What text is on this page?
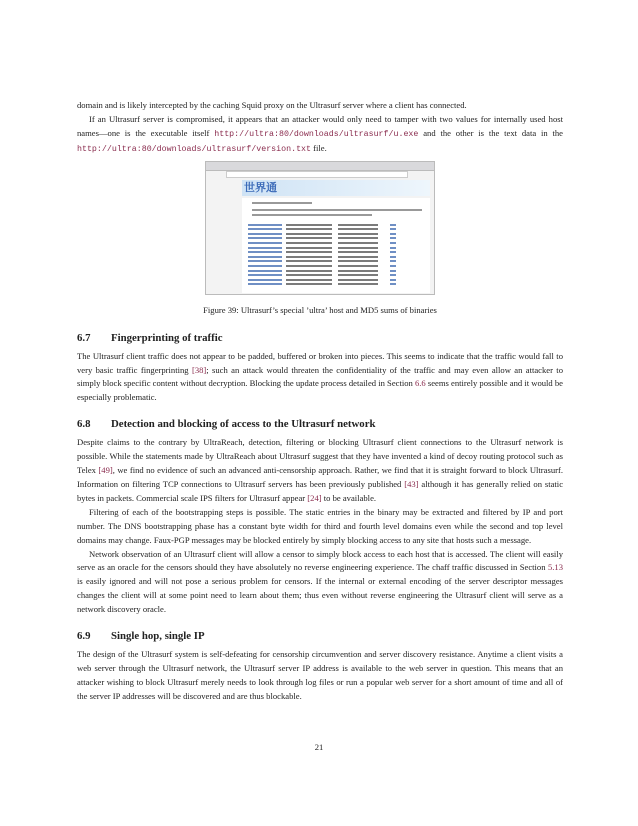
domain and is likely intercepted by the caching Squid proxy on the Ultrasurf server where a client has connected.

If an Ultrasurf server is compromised, it appears that an attacker would only need to tamper with two values for internally used host names—one is the executable itself http://ultra:80/downloads/ultrasurf/u.exe and the other is the text data in the http://ultra:80/downloads/ultrasurf/version.txt file.

世界通
Figure 39: Ultrasurf’s special ’ultra’ host and MD5 sums of binaries
6.7 Fingerprinting of traffic

The Ultrasurf client traffic does not appear to be padded, buffered or broken into pieces. This seems to indicate that the traffic would fall to very basic traffic fingerprinting [38]; such an attack would threaten the confidentiality of the traffic and may even allow an attacker to simply block specific content without decryption. Blocking the update process detailed in Section 6.6 seems entirely possible and it would be especially problematic.

6.8 Detection and blocking of access to the Ultrasurf network

Despite claims to the contrary by UltraReach, detection, filtering or blocking Ultrasurf client connections to the Ultrasurf network is possible. While the statements made by UltraReach about Ultrasurf suggest that they have invented a kind of decoy routing protocol such as Telex [49], we find no evidence of such an advanced anti-censorship approach. Rather, we find that it is straight forward to block Ultrasurf. Information on filtering TCP connections to Ultrasurf servers has been previously published [43] although it has generally relied on static bytes in packets. Commercial scale IPS filters for Ultrasurf appear [24] to be available.

Filtering of each of the bootstrapping steps is possible. The static entries in the binary may be extracted and filtered by IP and port number. The DNS bootstrapping phase has a constant byte width for third and fourth level domains even while the second and top level domains may change. Faux-PGP messages may be blocked entirely by simply blocking access to any site that hosts such a message.

Network observation of an Ultrasurf client will allow a censor to simply block access to each host that is accessed. The client will easily serve as an oracle for the censors should they have absolutely no reverse engineering experience. The chaff traffic discussed in Section 5.13 is easily ignored and will not pose a serious problem for censors. If the internal or external encoding of the server descriptor messages changes the client will at some point need to learn about them; thus even without reverse engineering the Ultrasurf client will serve as a network discovery oracle.

6.9 Single hop, single IP

The design of the Ultrasurf system is self-defeating for censorship circumvention and server discovery resistance. Anytime a client visits a web server through the Ultrasurf network, the Ultrasurf server IP address is available to the web server in question. This means that an attacker wishing to block Ultrasurf merely needs to look through log files or run a popular web server for a short amount of time and all of the server IP addresses will be discovered and are thus blockable.

21
